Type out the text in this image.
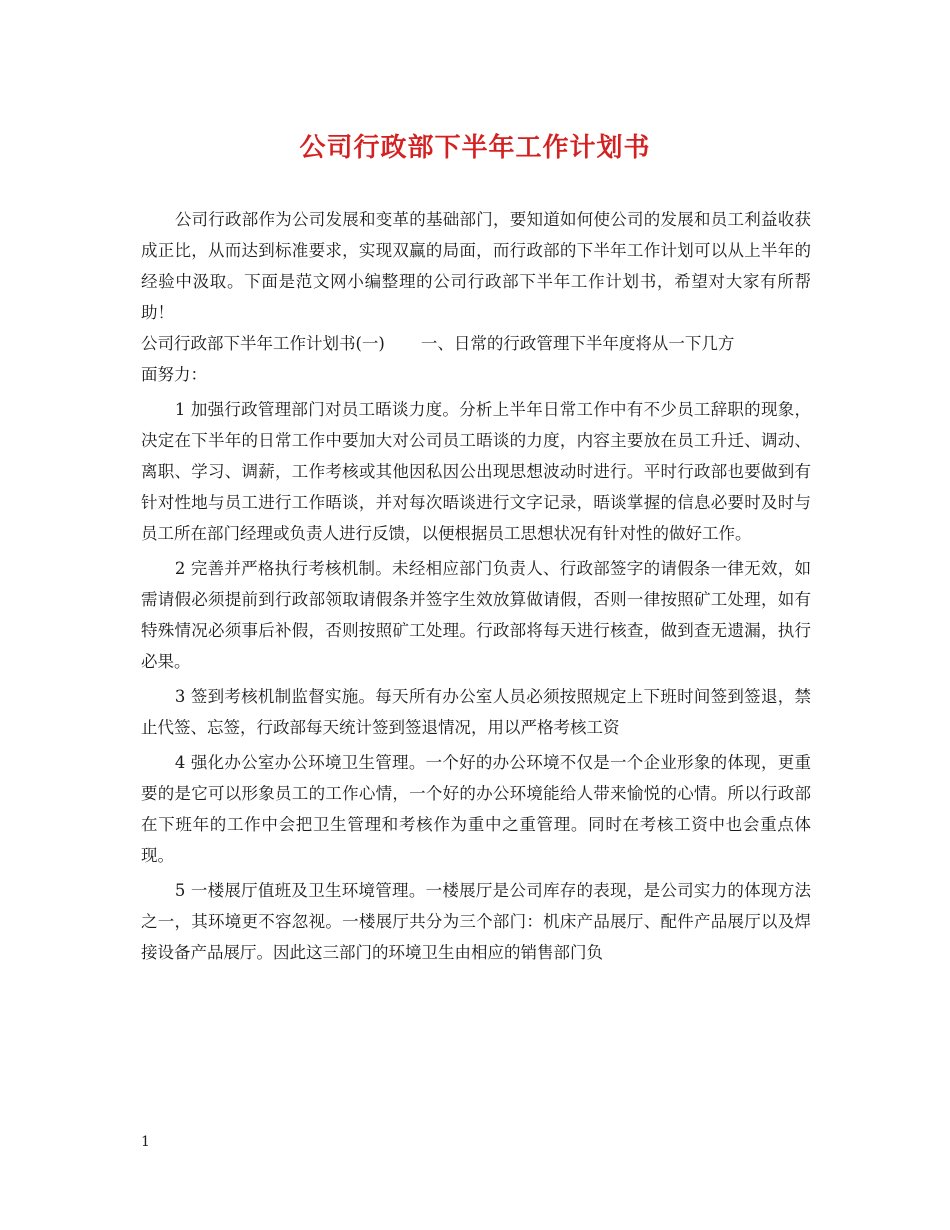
公司行政部下半年工作计划书

公司行政部作为公司发展和变革的基础部门，要知道如何使公司的发展和员工利益收获成正比，从而达到标准要求，实现双赢的局面，而行政部的下半年工作计划可以从上半年的经验中汲取。下面是范文网小编整理的公司行政部下半年工作计划书，希望对大家有所帮助！

公司行政部下半年工作计划书(一) 一、日常的行政管理下半年度将从一下几方

面努力：

1 加强行政管理部门对员工晤谈力度。分析上半年日常工作中有不少员工辞职的现象，决定在下半年的日常工作中要加大对公司员工晤谈的力度，内容主要放在员工升迁、调动、离职、学习、调薪，工作考核或其他因私因公出现思想波动时进行。平时行政部也要做到有针对性地与员工进行工作晤谈，并对每次晤谈进行文字记录，晤谈掌握的信息必要时及时与员工所在部门经理或负责人进行反馈，以便根据员工思想状况有针对性的做好工作。

2 完善并严格执行考核机制。未经相应部门负责人、行政部签字的请假条一律无效，如需请假必须提前到行政部领取请假条并签字生效放算做请假，否则一律按照矿工处理，如有特殊情况必须事后补假，否则按照矿工处理。行政部将每天进行核查，做到查无遗漏，执行必果。

3 签到考核机制监督实施。每天所有办公室人员必须按照规定上下班时间签到签退，禁止代签、忘签，行政部每天统计签到签退情况，用以严格考核工资

4 强化办公室办公环境卫生管理。一个好的办公环境不仅是一个企业形象的体现，更重要的是它可以形象员工的工作心情，一个好的办公环境能给人带来愉悦的心情。所以行政部在下班年的工作中会把卫生管理和考核作为重中之重管理。同时在考核工资中也会重点体现。

5 一楼展厅值班及卫生环境管理。一楼展厅是公司库存的表现，是公司实力的体现方法之一，其环境更不容忽视。一楼展厅共分为三个部门：机床产品展厅、配件产品展厅以及焊接设备产品展厅。因此这三部门的环境卫生由相应的销售部门负

1
